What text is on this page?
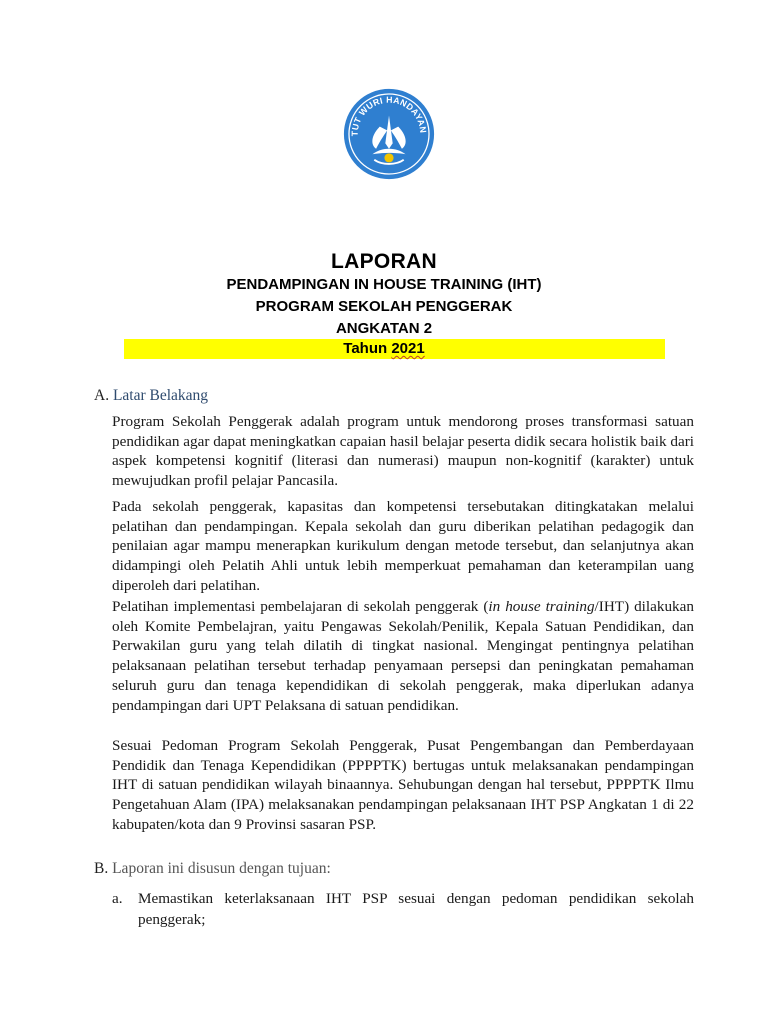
TUT WURI HANDAYAN
LAPORAN
PENDAMPINGAN IN HOUSE TRAINING (IHT)
PROGRAM SEKOLAH PENGGERAK
ANGKATAN 2
Tahun 2021
A. Latar Belakang
Program Sekolah Penggerak adalah program untuk mendorong proses transformasi satuan pendidikan agar dapat meningkatkan capaian hasil belajar peserta didik secara holistik baik dari aspek kompetensi kognitif (literasi dan numerasi) maupun non-kognitif (karakter) untuk mewujudkan profil pelajar Pancasila.
Pada sekolah penggerak, kapasitas dan kompetensi tersebutakan ditingkatakan melalui pelatihan dan pendampingan. Kepala sekolah dan guru diberikan pelatihan pedagogik dan penilaian agar mampu menerapkan kurikulum dengan metode tersebut, dan selanjutnya akan didampingi oleh Pelatih Ahli untuk lebih memperkuat pemahaman dan keterampilan uang diperoleh dari pelatihan.
Pelatihan implementasi pembelajaran di sekolah penggerak (in house training/IHT) dilakukan oleh Komite Pembelajran, yaitu Pengawas Sekolah/Penilik, Kepala Satuan Pendidikan, dan Perwakilan guru yang telah dilatih di tingkat nasional. Mengingat pentingnya pelatihan pelaksanaan pelatihan tersebut terhadap penyamaan persepsi dan peningkatan pemahaman seluruh guru dan tenaga kependidikan di sekolah penggerak, maka diperlukan adanya pendampingan dari UPT Pelaksana di satuan pendidikan.
Sesuai Pedoman Program Sekolah Penggerak, Pusat Pengembangan dan Pemberdayaan Pendidik dan Tenaga Kependidikan (PPPPTK) bertugas untuk melaksanakan pendampingan IHT di satuan pendidikan wilayah binaannya. Sehubungan dengan hal tersebut, PPPPTK Ilmu Pengetahuan Alam (IPA) melaksanakan pendampingan pelaksanaan IHT PSP Angkatan 1 di 22 kabupaten/kota dan 9 Provinsi sasaran PSP.
B. Laporan ini disusun dengan tujuan:
a. Memastikan keterlaksanaan IHT PSP sesuai dengan pedoman pendidikan sekolah penggerak;
